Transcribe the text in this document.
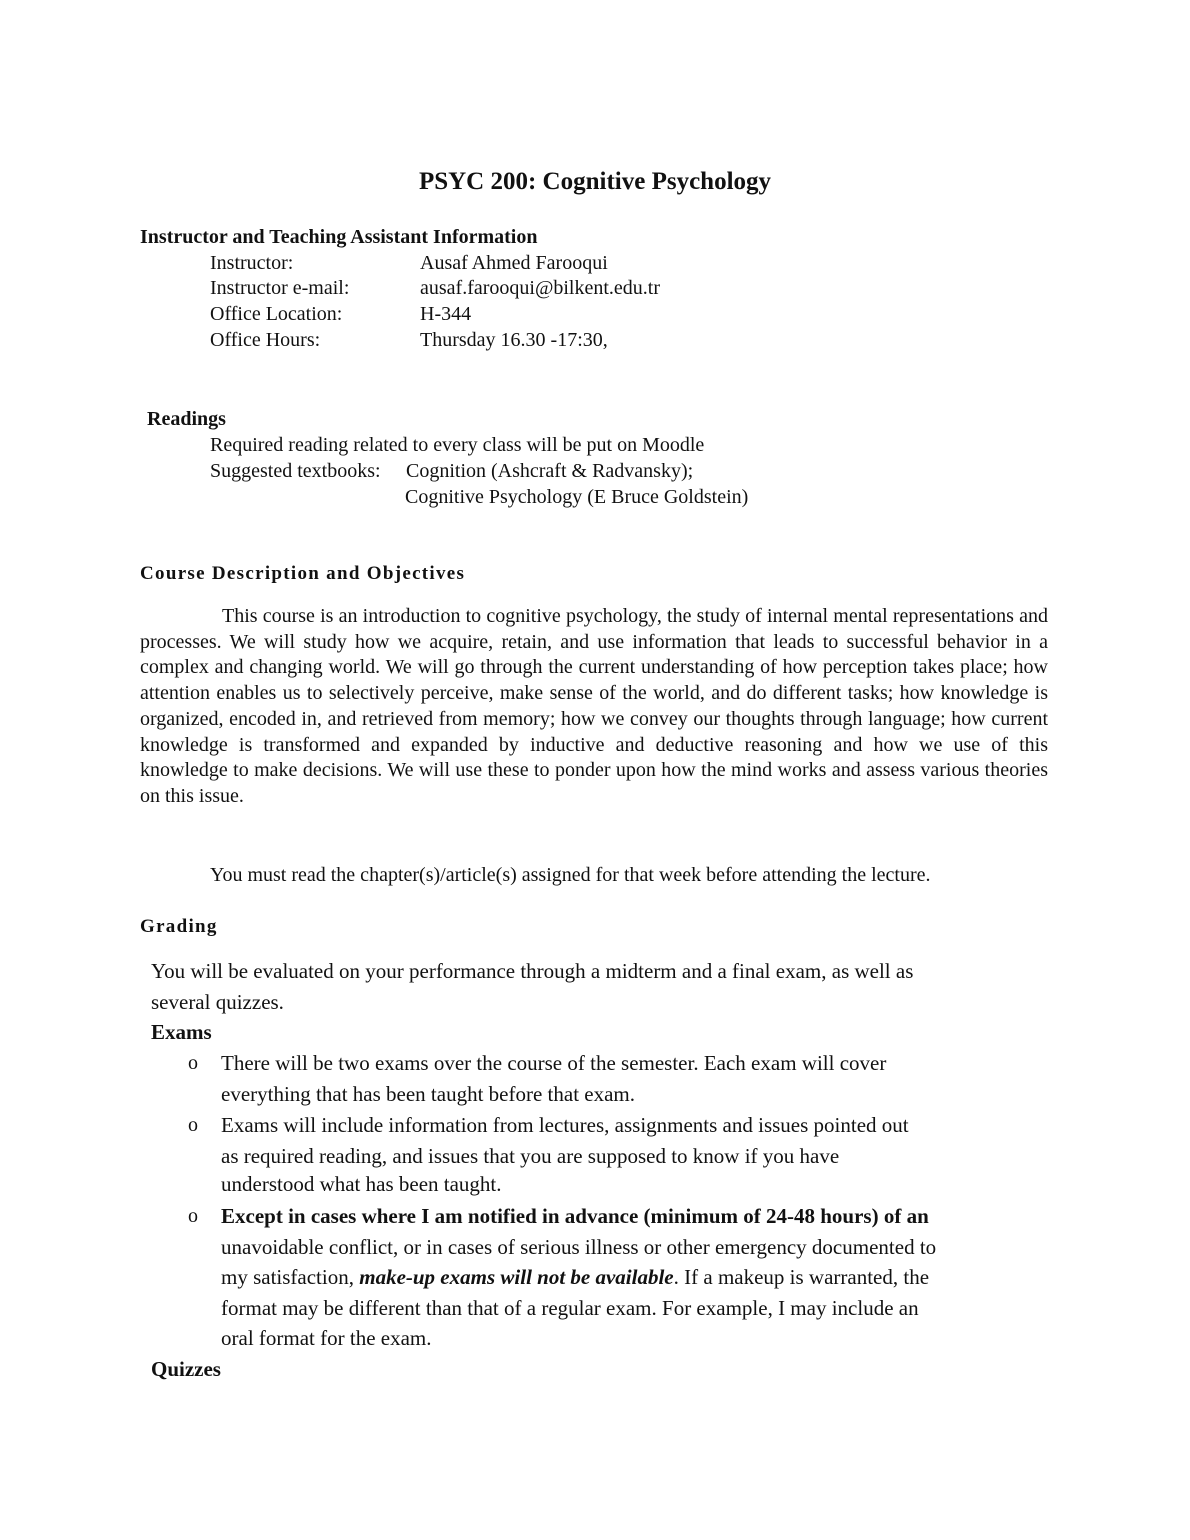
PSYC 200: Cognitive Psychology
Instructor and Teaching Assistant Information
Instructor:	Ausaf Ahmed Farooqui
Instructor e-mail:	ausaf.farooqui@bilkent.edu.tr
Office Location:	H-344
Office Hours:	Thursday 16.30 -17:30,
Readings
Required reading related to every class will be put on Moodle
Suggested textbooks: Cognition (Ashcraft & Radvansky);
Cognitive Psychology (E Bruce Goldstein)
Course Description and Objectives
This course is an introduction to cognitive psychology, the study of internal mental representations and processes. We will study how we acquire, retain, and use information that leads to successful behavior in a complex and changing world. We will go through the current understanding of how perception takes place; how attention enables us to selectively perceive, make sense of the world, and do different tasks; how knowledge is organized, encoded in, and retrieved from memory; how we convey our thoughts through language; how current knowledge is transformed and expanded by inductive and deductive reasoning and how we use of this knowledge to make decisions. We will use these to ponder upon how the mind works and assess various theories on this issue.
You must read the chapter(s)/article(s) assigned for that week before attending the lecture.
Grading
You will be evaluated on your performance through a midterm and a final exam, as well as
several quizzes.
Exams
o There will be two exams over the course of the semester. Each exam will cover
everything that has been taught before that exam.
o Exams will include information from lectures, assignments and issues pointed out
as required reading, and issues that you are supposed to know if you have
understood what has been taught.
o Except in cases where I am notified in advance (minimum of 24-48 hours) of an
unavoidable conflict, or in cases of serious illness or other emergency documented to
my satisfaction, make-up exams will not be available. If a makeup is warranted, the
format may be different than that of a regular exam. For example, I may include an
oral format for the exam.
Quizzes
